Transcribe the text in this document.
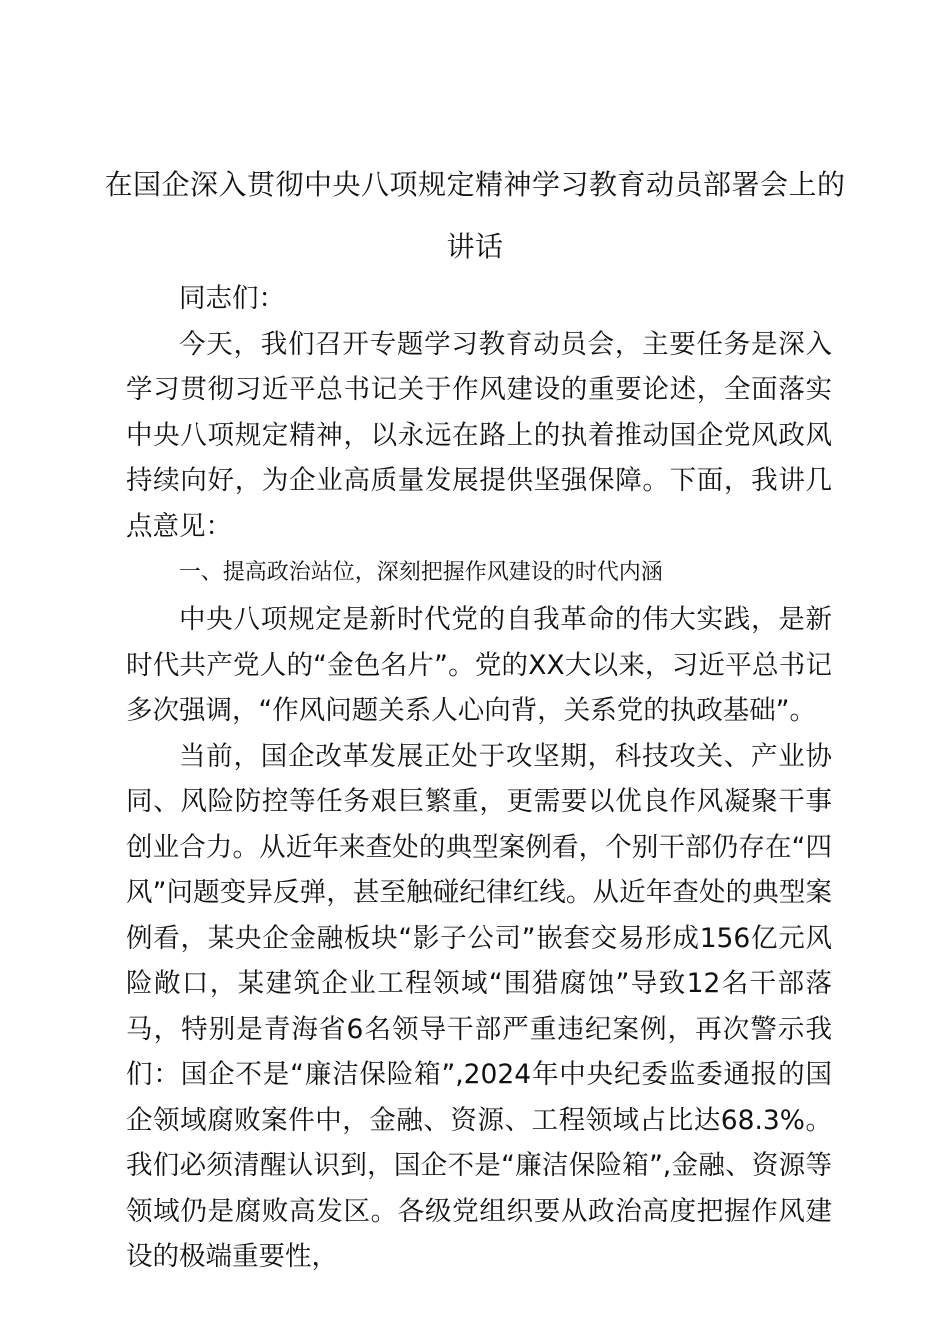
在国企深入贯彻中央八项规定精神学习教育动员部署会上的讲话

同志们：

今天，我们召开专题学习教育动员会，主要任务是深入学习贯彻习近平总书记关于作风建设的重要论述，全面落实中央八项规定精神，以永远在路上的执着推动国企党风政风持续向好，为企业高质量发展提供坚强保障。下面，我讲几点意见：

一、提高政治站位，深刻把握作风建设的时代内涵

中央八项规定是新时代党的自我革命的伟大实践，是新时代共产党人的“金色名片”。党的XX大以来，习近平总书记多次强调，“作风问题关系人心向背，关系党的执政基础”。

当前，国企改革发展正处于攻坚期，科技攻关、产业协同、风险防控等任务艰巨繁重，更需要以优良作风凝聚干事创业合力。从近年来查处的典型案例看，个别干部仍存在“四风”问题变异反弹，甚至触碰纪律红线。从近年查处的典型案例看，某央企金融板块“影子公司”嵌套交易形成156亿元风险敞口，某建筑企业工程领域“围猎腐蚀”导致12名干部落马，特别是青海省6名领导干部严重违纪案例，再次警示我们：国企不是“廉洁保险箱”,2024年中央纪委监委通报的国企领域腐败案件中，金融、资源、工程领域占比达68.3%。我们必须清醒认识到，国企不是“廉洁保险箱”,金融、资源等领域仍是腐败高发区。各级党组织要从政治高度把握作风建设的极端重要性，
